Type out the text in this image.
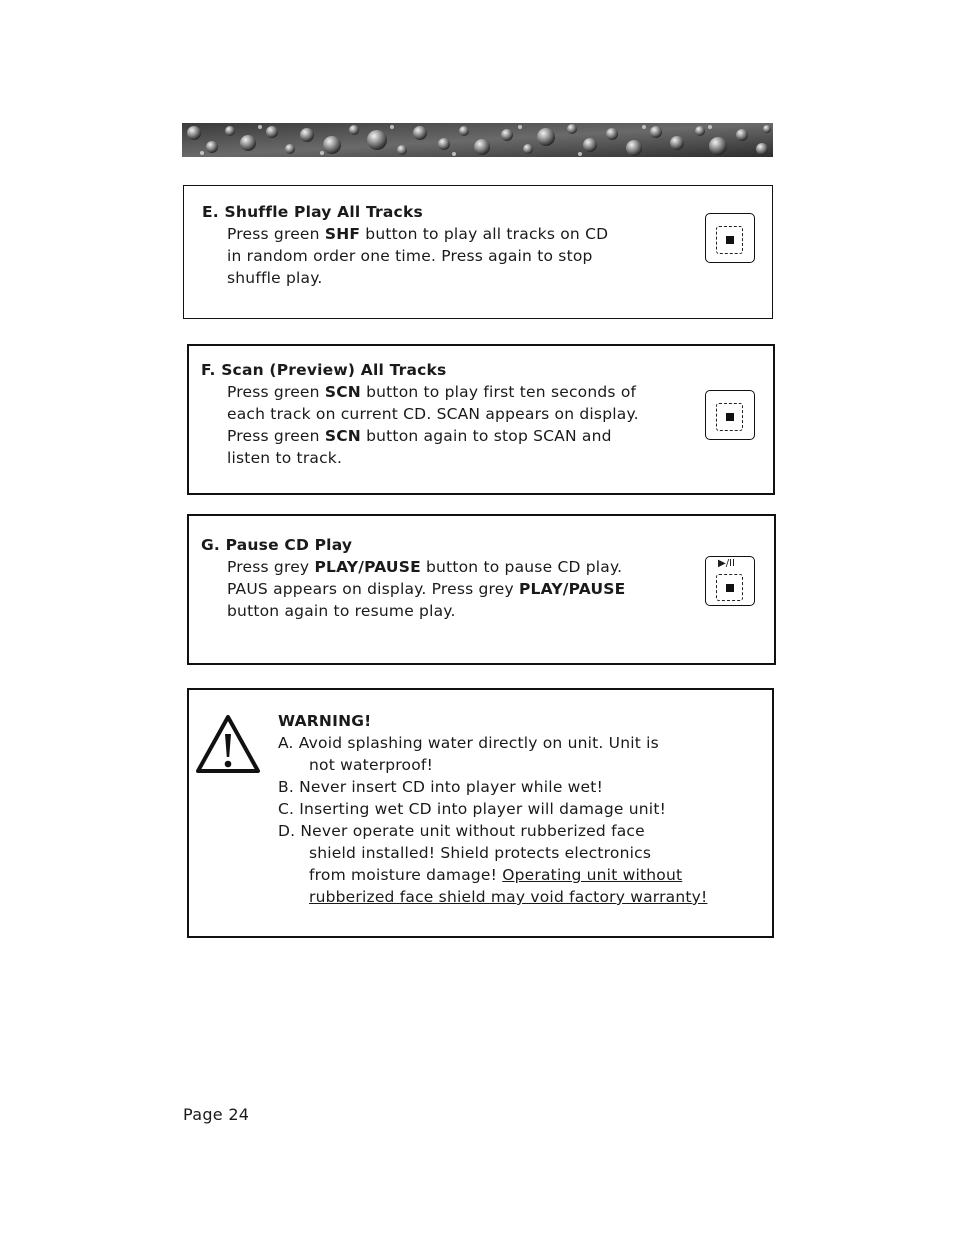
E. Shuffle Play All Tracks
Press green SHF button to play all tracks on CD
in random order one time. Press again to stop
shuffle play.
F. Scan (Preview) All Tracks
Press green SCN button to play first ten seconds of
each track on current CD. SCAN appears on display.
Press green SCN button again to stop SCAN and
listen to track.
G. Pause CD Play
Press grey PLAY/PAUSE button to pause CD play.
PAUS appears on display. Press grey PLAY/PAUSE
button again to resume play.
▶/II
WARNING!
A. Avoid splashing water directly on unit. Unit is
not waterproof!
B. Never insert CD into player while wet!
C. Inserting wet CD into player will damage unit!
D. Never operate unit without rubberized face
shield installed! Shield protects electronics
from moisture damage! Operating unit without
rubberized face shield may void factory warranty!
Page 24
